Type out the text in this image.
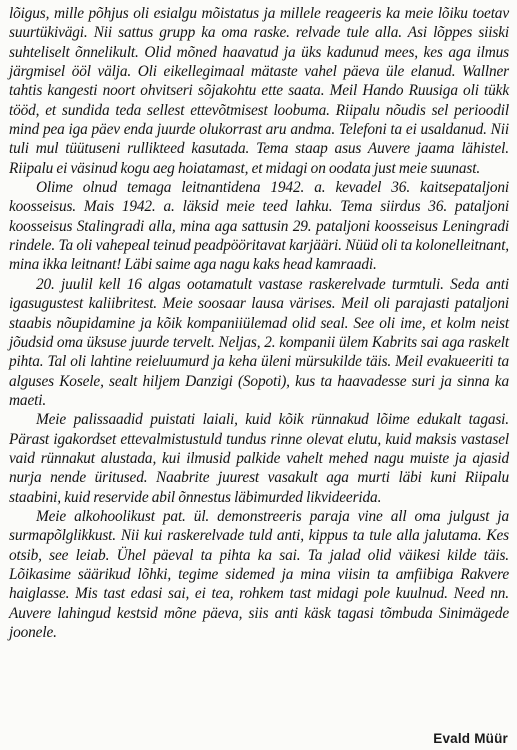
lõigus, mille põhjus oli esialgu mõistatus ja millele reageeris ka meie lõiku toetav suurtükivägi. Nii sattus grupp ka oma raske. relvade tule alla. Asi lõppes siiski suhteliselt õnnelikult. Olid mõned haavatud ja üks kadunud mees, kes aga ilmus järgmisel ööl välja. Oli eikellegimaal mätaste vahel päeva üle elanud. Wallner tahtis kangesti noort ohvitseri sõjakohtu ette saata. Meil Hando Ruusiga oli tükk tööd, et sundida teda sellest ettevõtmisest loobuma. Riipalu nõudis sel perioodil mind pea iga päev enda juurde olukorrast aru andma. Telefoni ta ei usaldanud. Nii tuli mul tüütuseni rullikteed kasutada. Tema staap asus Auvere jaama lähistel. Riipalu ei väsinud kogu aeg hoiatamast, et midagi on oodata just meie suunast.

Olime olnud temaga leitnantidena 1942. a. kevadel 36. kaitsepataljoni koosseisus. Mais 1942. a. läksid meie teed lahku. Tema siirdus 36. pataljoni koosseisus Stalingradi alla, mina aga sattusin 29. pataljoni koosseisus Leningradi rindele. Ta oli vahepeal teinud peadpööritavat karjääri. Nüüd oli ta kolonelleitnant, mina ikka leitnant! Läbi saime aga nagu kaks head kamraadi.

20. juulil kell 16 algas ootamatult vastase raskerelvade turmtuli. Seda anti igasugustest kaliibritest. Meie soosaar lausa värises. Meil oli parajasti pataljoni staabis nõupidamine ja kõik kompaniiülemad olid seal. See oli ime, et kolm neist jõudsid oma üksuse juurde tervelt. Neljas, 2. kompanii ülem Kabrits sai aga raskelt pihta. Tal oli lahtine reieluumurd ja keha üleni mürsukilde täis. Meil evakueeriti ta alguses Kosele, sealt hiljem Danzigi (Sopoti), kus ta haavadesse suri ja sinna ka maeti.

Meie palissaadid puistati laiali, kuid kõik rünnakud lõime edukalt tagasi. Pärast igakordset ettevalmistustuld tundus rinne olevat elutu, kuid maksis vastasel vaid rünnakut alustada, kui ilmusid palkide vahelt mehed nagu muiste ja ajasid nurja nende üritused. Naabrite juurest vasakult aga murti läbi kuni Riipalu staabini, kuid reservide abil õnnestus läbimurded likvideerida.

Meie alkohoolikust pat. ül. demonstreeris paraja vine all oma julgust ja surmapõlglikkust. Nii kui raskerelvade tuld anti, kippus ta tule alla jalutama. Kes otsib, see leiab. Ühel päeval ta pihta ka sai. Ta jalad olid väikesi kilde täis. Lõikasime säärikud lõhki, tegime sidemed ja mina viisin ta amfiibiga Rakvere haiglasse. Mis tast edasi sai, ei tea, rohkem tast midagi pole kuulnud. Need nn. Auvere lahingud kestsid mõne päeva, siis anti käsk tagasi tõmbuda Sinimägede joonele.

Evald Müür
